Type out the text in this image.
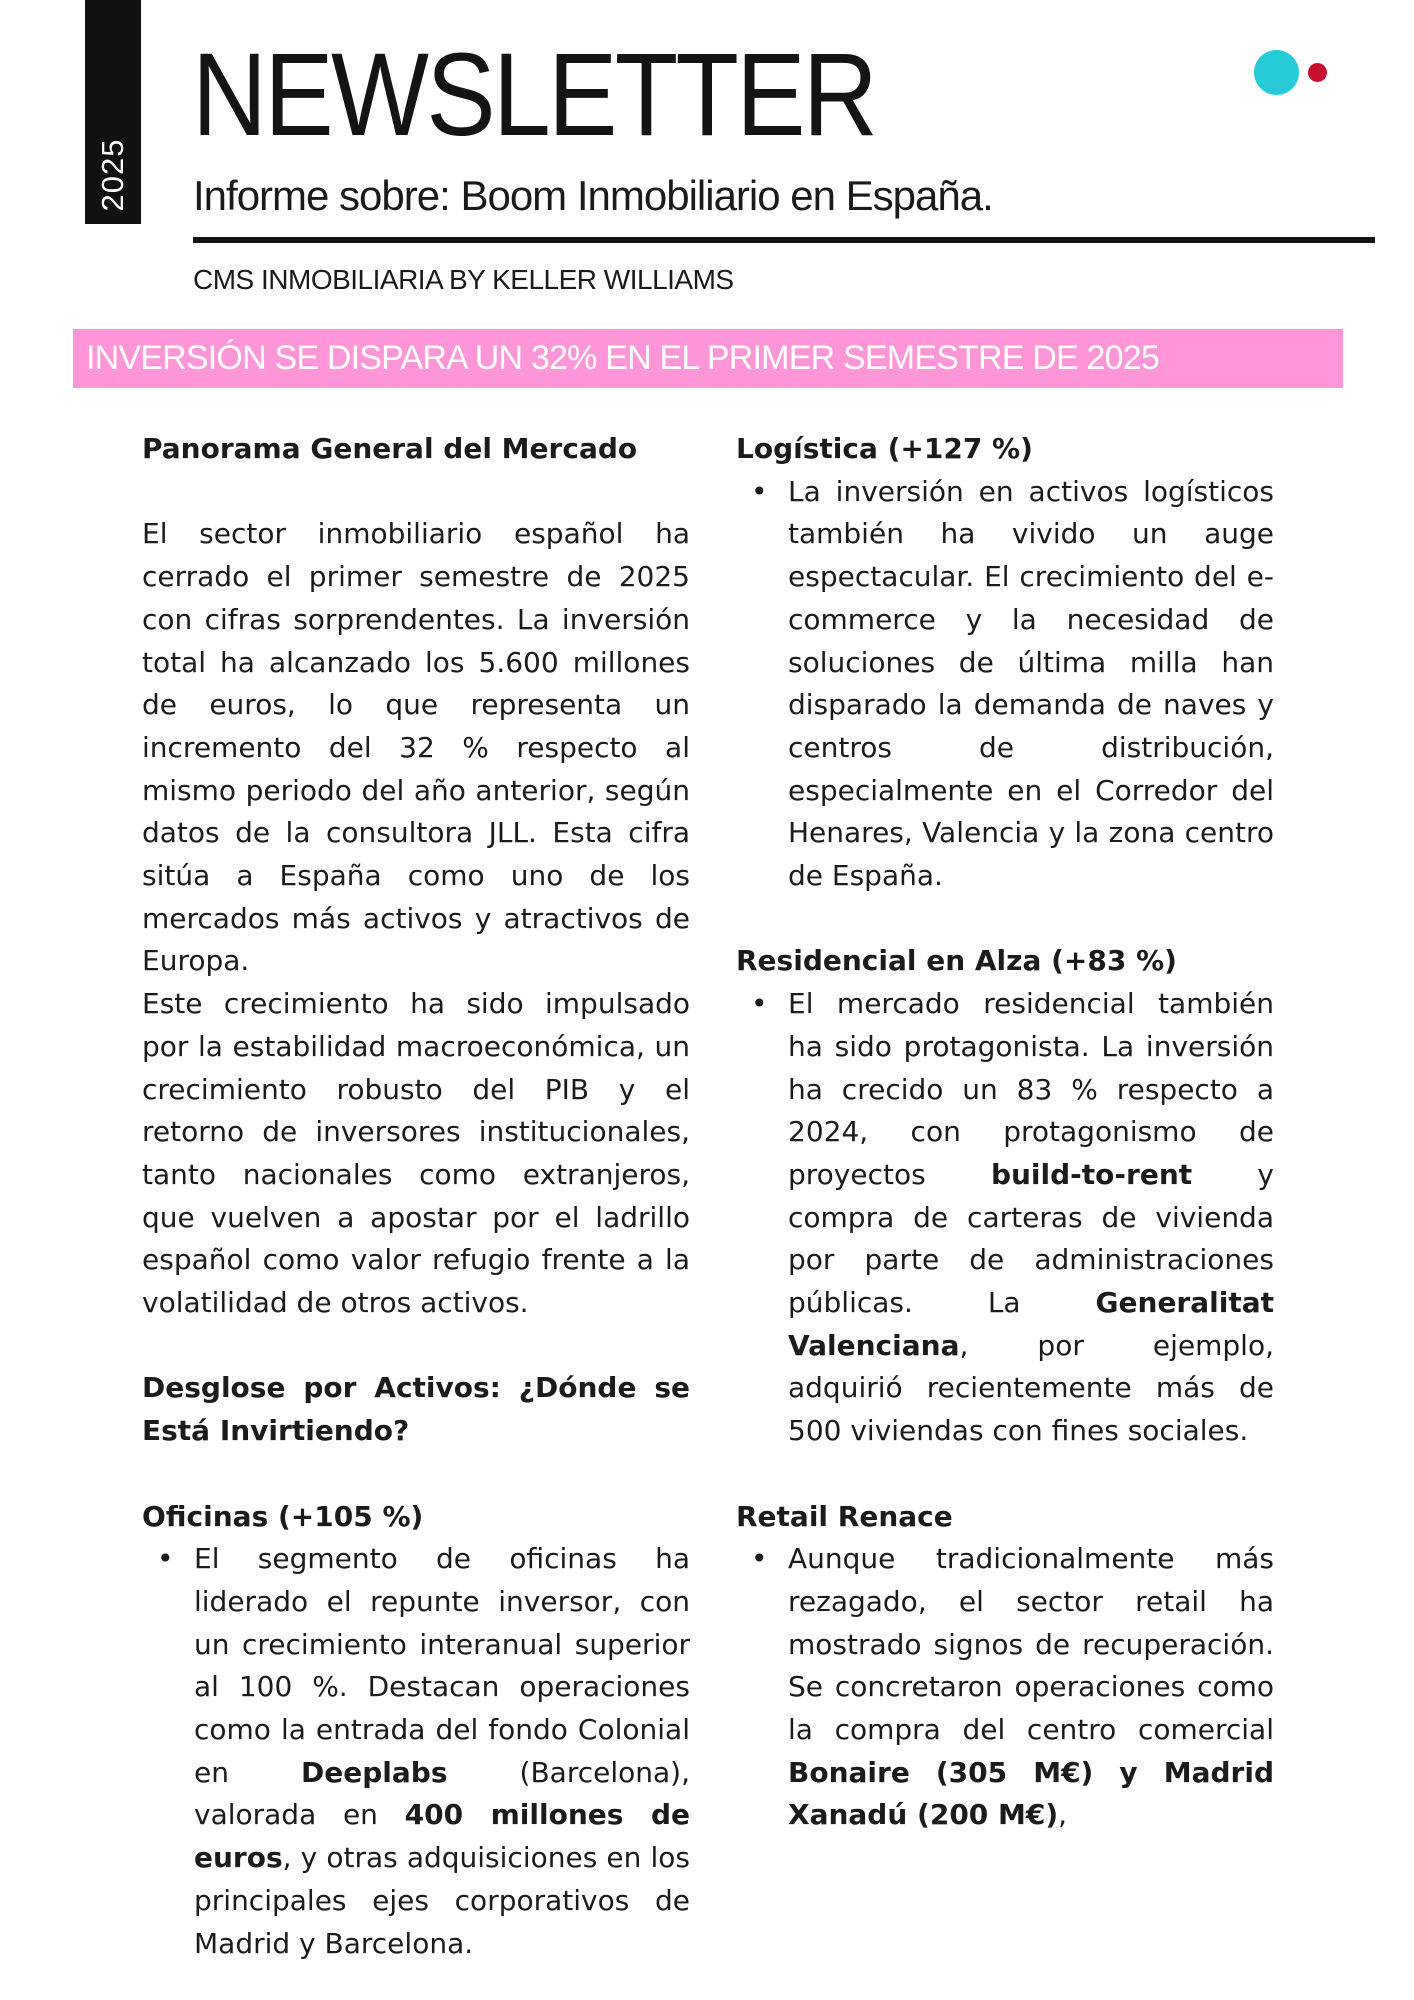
2025
NEWSLETTER
Informe sobre: Boom Inmobiliario en España.
CMS INMOBILIARIA BY KELLER WILLIAMS
INVERSIÓN SE DISPARA UN 32% EN EL PRIMER SEMESTRE DE 2025
Panorama General del Mercado

El sector inmobiliario español ha cerrado el primer semestre de 2025 con cifras sorprendentes. La inversión total ha alcanzado los 5.600 millones de euros, lo que representa un incremento del 32 % respecto al mismo periodo del año anterior, según datos de la consultora JLL. Esta cifra sitúa a España como uno de los mercados más activos y atractivos de Europa.

Este crecimiento ha sido impulsado por la estabilidad macroeconómica, un crecimiento robusto del PIB y el retorno de inversores institucionales, tanto nacionales como extranjeros, que vuelven a apostar por el ladrillo español como valor refugio frente a la volatilidad de otros activos.

Desglose por Activos: ¿Dónde se Está Invirtiendo?
Oficinas (+105 %)
• El segmento de oficinas ha liderado el repunte inversor, con un crecimiento interanual superior al 100 %. Destacan operaciones como la entrada del fondo Colonial en Deeplabs (Barcelona), valorada en 400 millones de euros, y otras adquisiciones en los principales ejes corporativos de Madrid y Barcelona.

Logística (+127 %)
• La inversión en activos logísticos también ha vivido un auge espectacular. El crecimiento del e-commerce y la necesidad de soluciones de última milla han disparado la demanda de naves y centros de distribución, especialmente en el Corredor del Henares, Valencia y la zona centro de España.

Residencial en Alza (+83 %)
• El mercado residencial también ha sido protagonista. La inversión ha crecido un 83 % respecto a 2024, con protagonismo de proyectos build-to-rent y compra de carteras de vivienda por parte de administraciones públicas. La Generalitat Valenciana, por ejemplo, adquirió recientemente más de 500 viviendas con fines sociales.

Retail Renace
• Aunque tradicionalmente más rezagado, el sector retail ha mostrado signos de recuperación. Se concretaron operaciones como la compra del centro comercial Bonaire (305 M€) y Madrid Xanadú (200 M€),
